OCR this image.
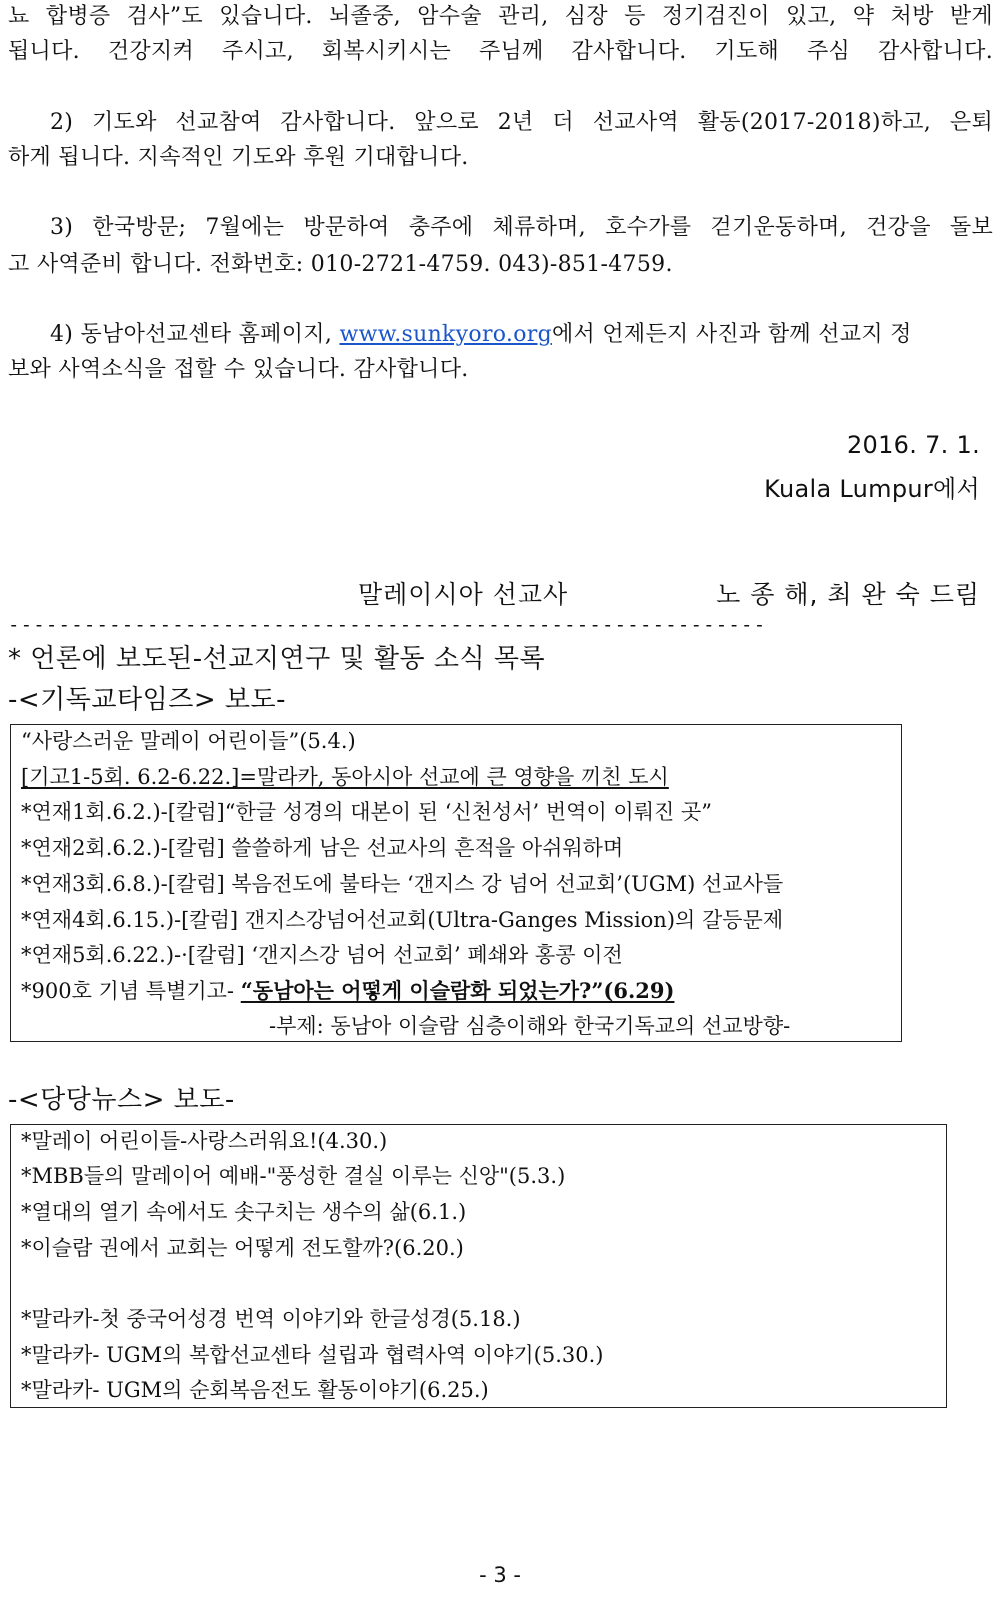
뇨 합병증 검사”도 있습니다. 뇌졸중, 암수술 관리, 심장 등 정기검진이 있고, 약 처방 받게
됩니다. 건강지켜 주시고, 회복시키시는 주님께 감사합니다. 기도해 주심 감사합니다.
2) 기도와 선교참여 감사합니다. 앞으로 2년 더 선교사역 활동(2017-2018)하고, 은퇴
하게 됩니다. 지속적인 기도와 후원 기대합니다.
3) 한국방문; 7월에는 방문하여 충주에 체류하며, 호수가를 걷기운동하며, 건강을 돌보
고 사역준비 합니다. 전화번호: 010-2721-4759. 043)-851-4759.
4) 동남아선교센타 홈페이지, www.sunkyoro.org에서 언제든지 사진과 함께 선교지 정
보와 사역소식을 접할 수 있습니다. 감사합니다.
2016. 7. 1.
Kuala Lumpur에서
말레이시아 선교사	노 종 해, 최 완 숙 드림
------------------------------------------------------------
* 언론에 보도된-선교지연구 및 활동 소식 목록
-<기독교타임즈> 보도-
“사랑스러운 말레이 어린이들”(5.4.)
[기고1-5회. 6.2-6.22.]=말라카, 동아시아 선교에 큰 영향을 끼친 도시
*연재1회.6.2.)-[칼럼]“한글 성경의 대본이 된 ‘신천성서’ 번역이 이뤄진 곳”
*연재2회.6.2.)-[칼럼] 쓸쓸하게 남은 선교사의 흔적을 아쉬워하며
*연재3회.6.8.)-[칼럼] 복음전도에 불타는 ‘갠지스 강 넘어 선교회’(UGM) 선교사들
*연재4회.6.15.)-[칼럼] 갠지스강넘어선교회(Ultra-Ganges Mission)의 갈등문제
*연재5회.6.22.)-·[칼럼] ‘갠지스강 넘어 선교회’ 폐쇄와 홍콩 이전
*900호 기념 특별기고- “동남아는 어떻게 이슬람화 되었는가?”(6.29)
-부제: 동남아 이슬람 심층이해와 한국기독교의 선교방향-
-<당당뉴스> 보도-
*말레이 어린이들-사랑스러워요!(4.30.)
*MBB들의 말레이어 예배-"풍성한 결실 이루는 신앙"(5.3.)
*열대의 열기 속에서도 솟구치는 생수의 삶(6.1.)
*이슬람 권에서 교회는 어떻게 전도할까?(6.20.)
*말라카-첫 중국어성경 번역 이야기와 한글성경(5.18.)
*말라카- UGM의 복합선교센타 설립과 협력사역 이야기(5.30.)
*말라카- UGM의 순회복음전도 활동이야기(6.25.)
- 3 -
